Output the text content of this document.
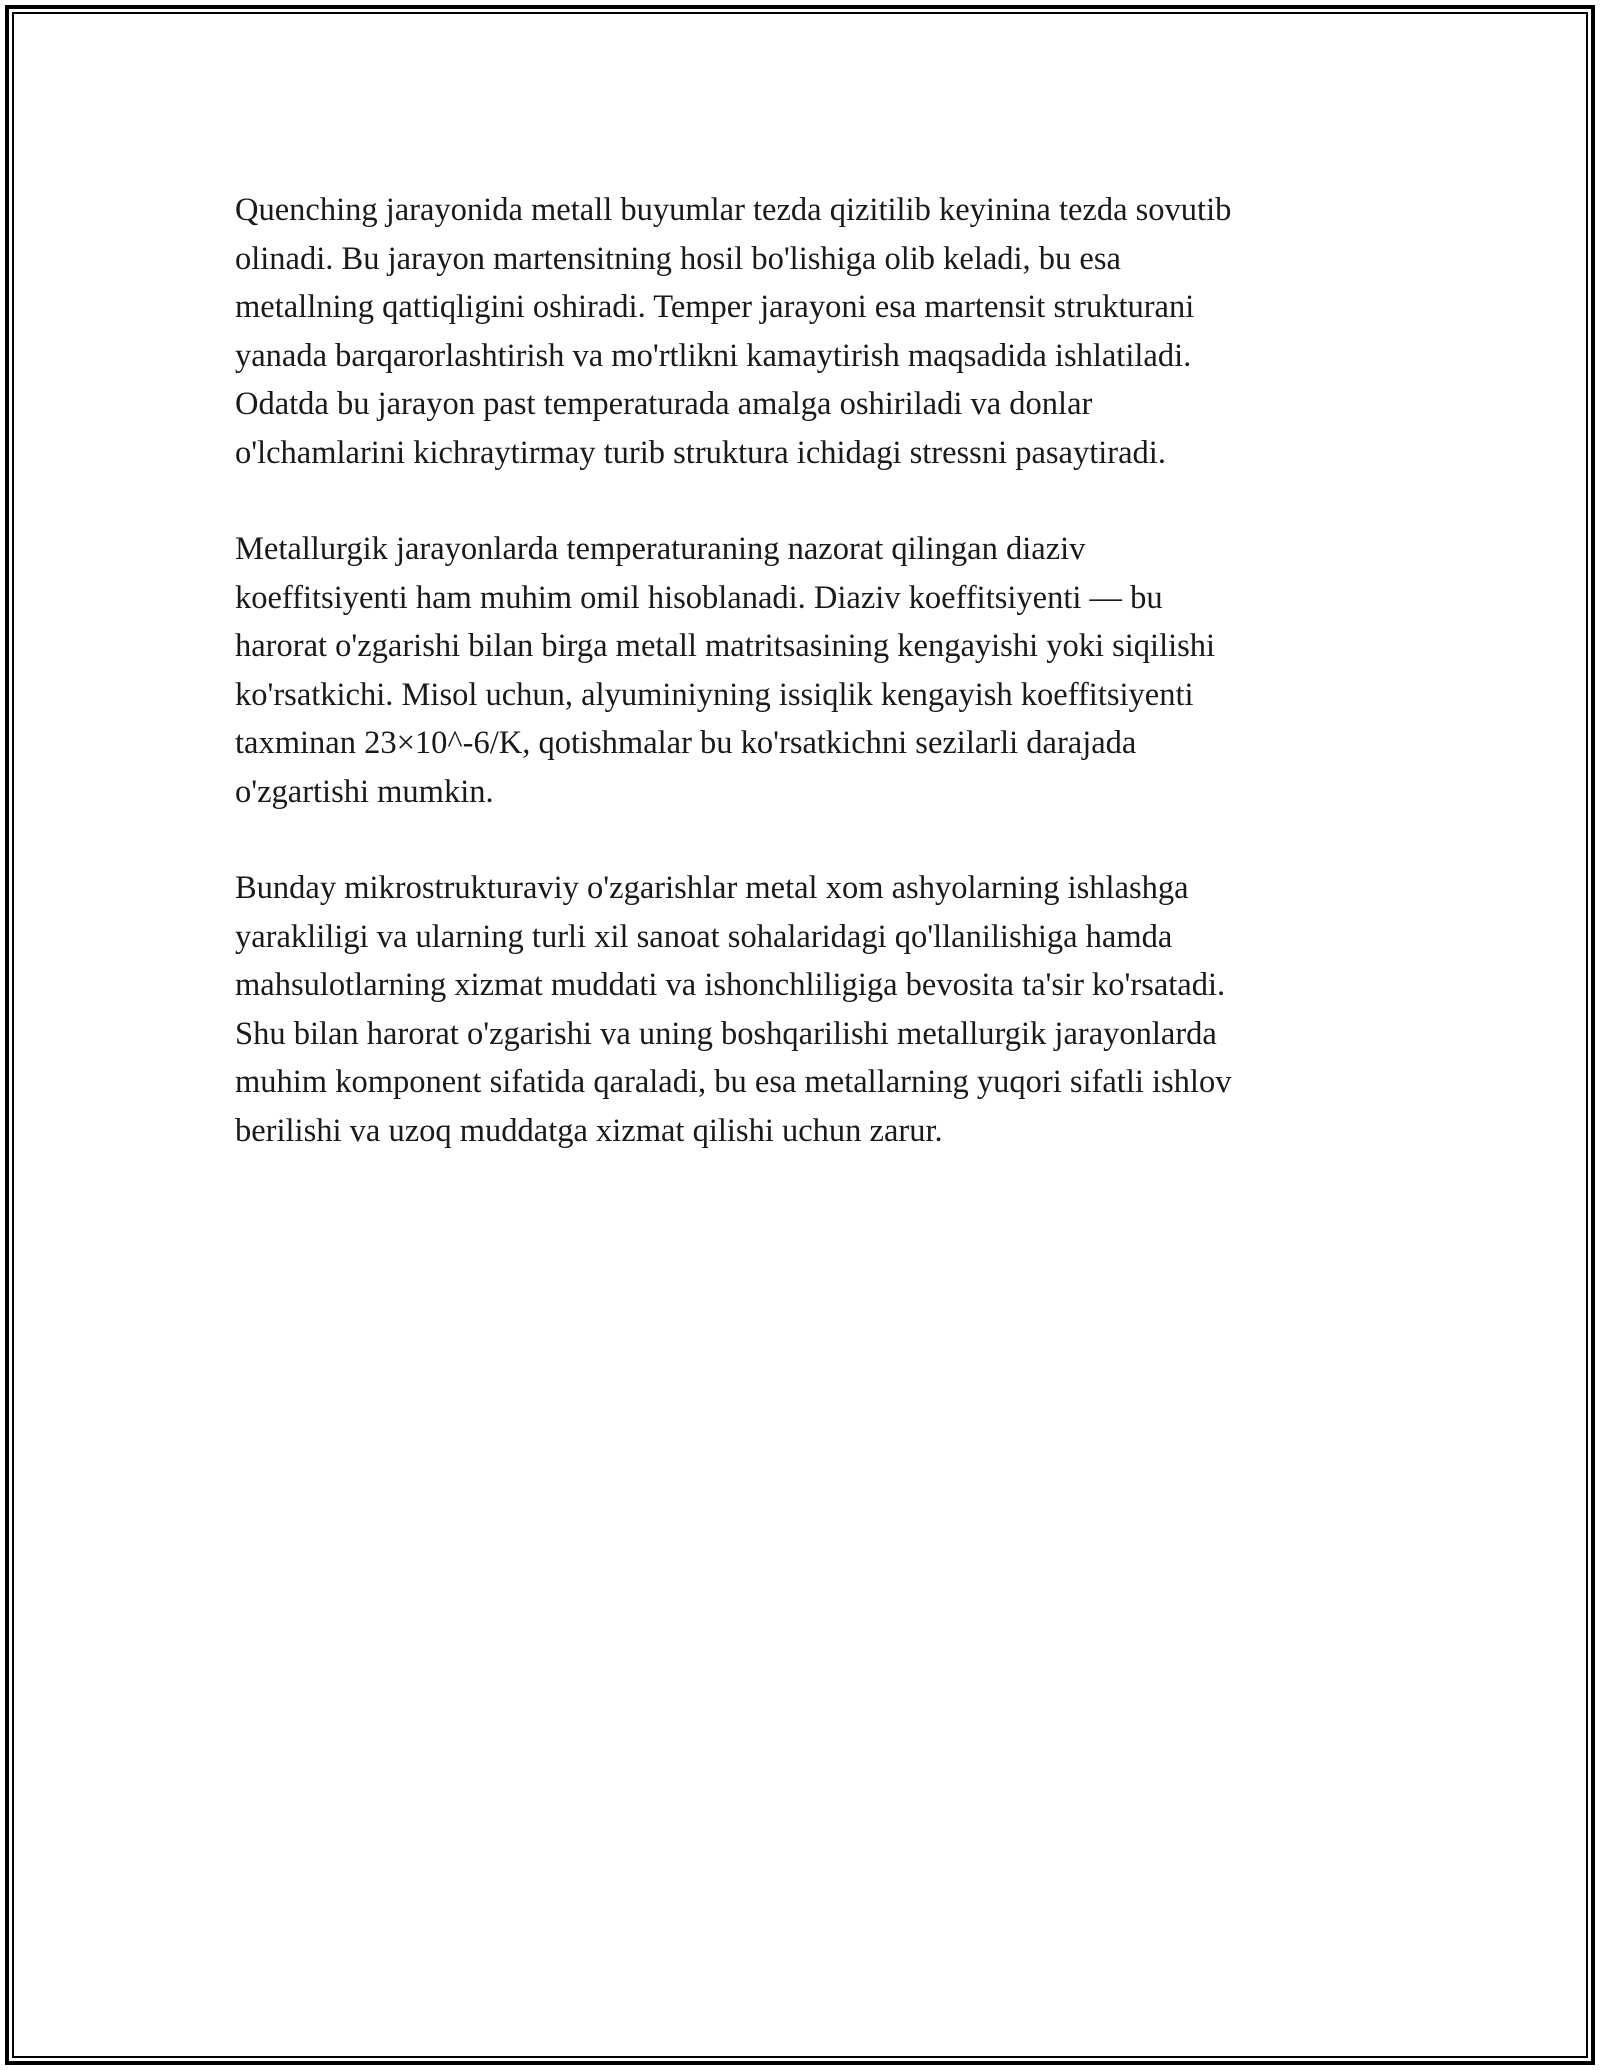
Quenching jarayonida metall buyumlar tezda qizitilib keyinina tezda sovutib
olinadi. Bu jarayon martensitning hosil bo'lishiga olib keladi, bu esa
metallning qattiqligini oshiradi. Temper jarayoni esa martensit strukturani
yanada barqarorlashtirish va mo'rtlikni kamaytirish maqsadida ishlatiladi.
Odatda bu jarayon past temperaturada amalga oshiriladi va donlar
o'lchamlarini kichraytirmay turib struktura ichidagi stressni pasaytiradi.

Metallurgik jarayonlarda temperaturaning nazorat qilingan diaziv
koeffitsiyenti ham muhim omil hisoblanadi. Diaziv koeffitsiyenti — bu
harorat o'zgarishi bilan birga metall matritsasining kengayishi yoki siqilishi
ko'rsatkichi. Misol uchun, alyuminiyning issiqlik kengayish koeffitsiyenti
taxminan 23×10^-6/K, qotishmalar bu ko'rsatkichni sezilarli darajada
o'zgartishi mumkin.

Bunday mikrostrukturaviy o'zgarishlar metal xom ashyolarning ishlashga
yarakliligi va ularning turli xil sanoat sohalaridagi qo'llanilishiga hamda
mahsulotlarning xizmat muddati va ishonchliligiga bevosita ta'sir ko'rsatadi.
Shu bilan harorat o'zgarishi va uning boshqarilishi metallurgik jarayonlarda
muhim komponent sifatida qaraladi, bu esa metallarning yuqori sifatli ishlov
berilishi va uzoq muddatga xizmat qilishi uchun zarur.
